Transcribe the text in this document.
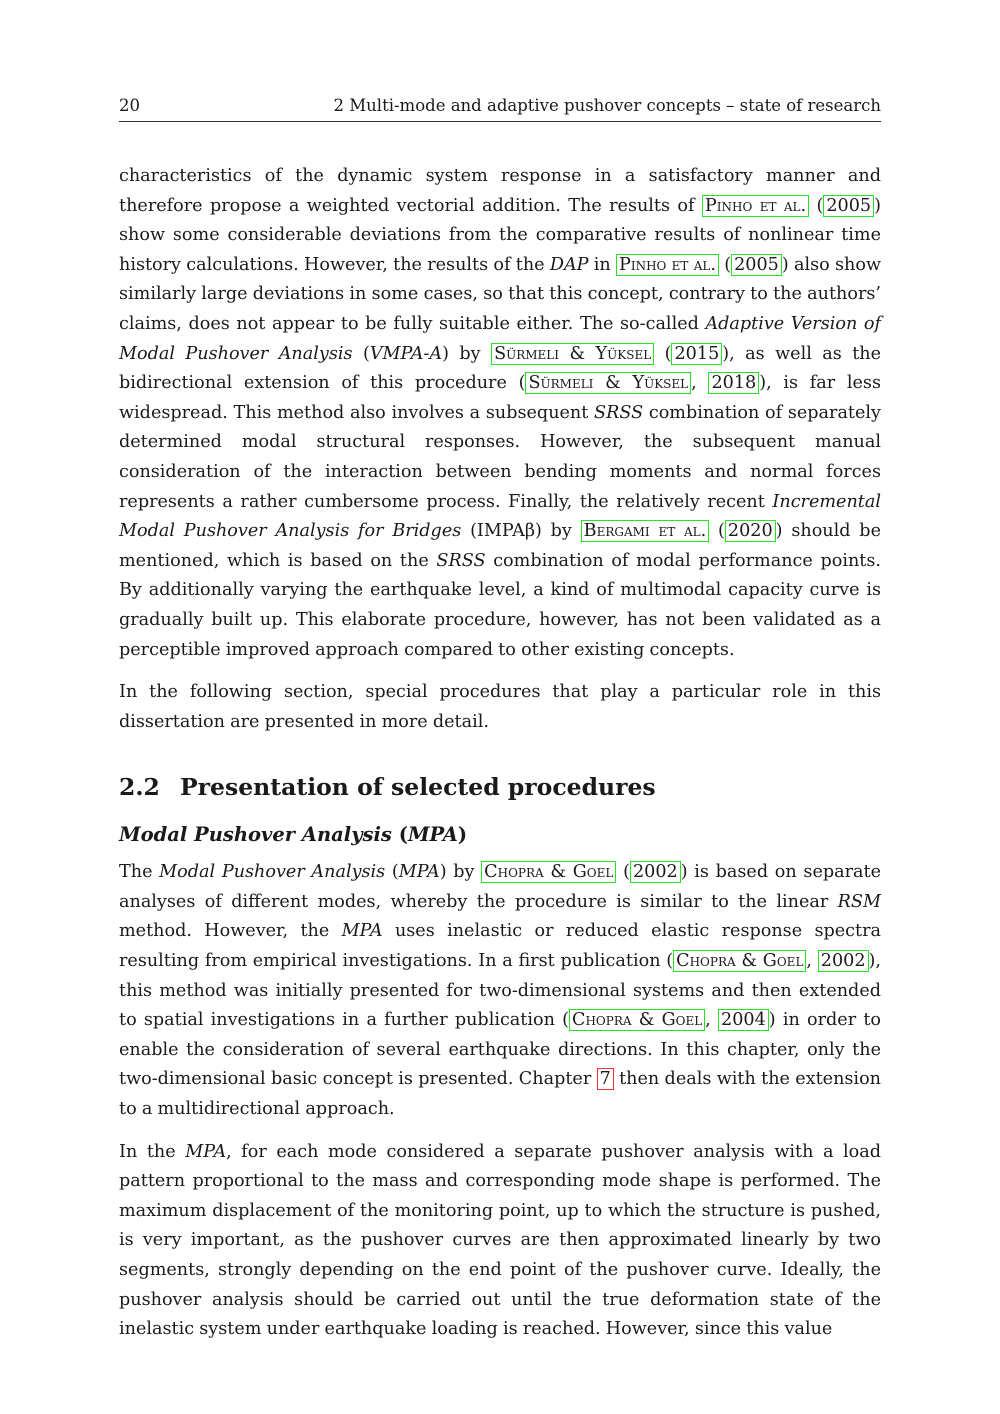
20	2 Multi-mode and adaptive pushover concepts – state of research

characteristics of the dynamic system response in a satisfactory manner and therefore propose a weighted vectorial addition. The results of Pinho et al. ( 2005 ) show some considerable deviations from the comparative results of nonlinear time history calculations. However, the results of the DAP in Pinho et al. ( 2005 ) also show similarly large deviations in some cases, so that this concept, contrary to the authors’ claims, does not appear to be fully suitable either. The so-called Adaptive Version of Modal Pushover Analysis (VMPA-A) by Sürmeli & Yüksel ( 2015 ), as well as the bidirectional extension of this procedure ( Sürmeli & Yüksel , 2018 ), is far less widespread. This method also involves a subsequent SRSS combination of separately determined modal structural responses. However, the subsequent manual consideration of the interaction between bending moments and normal forces represents a rather cumbersome process. Finally, the relatively recent Incremental Modal Pushover Analysis for Bridges (IMPAβ) by Bergami et al. ( 2020 ) should be mentioned, which is based on the SRSS combination of modal performance points. By additionally varying the earthquake level, a kind of multimodal capacity curve is gradually built up. This elaborate procedure, however, has not been validated as a perceptible improved approach compared to other existing concepts.

In the following section, special procedures that play a particular role in this dissertation are presented in more detail.

2.2 Presentation of selected procedures
Modal Pushover Analysis (MPA)

The Modal Pushover Analysis (MPA) by Chopra & Goel ( 2002 ) is based on separate analyses of different modes, whereby the procedure is similar to the linear RSM method. However, the MPA uses inelastic or reduced elastic response spectra resulting from empirical investigations. In a first publication ( Chopra & Goel , 2002 ), this method was initially presented for two-dimensional systems and then extended to spatial investigations in a further publication ( Chopra & Goel , 2004 ) in order to enable the consideration of several earthquake directions. In this chapter, only the two-dimensional basic concept is presented. Chapter 7 then deals with the extension to a multidirectional approach.

In the MPA, for each mode considered a separate pushover analysis with a load pattern proportional to the mass and corresponding mode shape is performed. The maximum displacement of the monitoring point, up to which the structure is pushed, is very important, as the pushover curves are then approximated linearly by two segments, strongly depending on the end point of the pushover curve. Ideally, the pushover analysis should be carried out until the true deformation state of the inelastic system under earthquake loading is reached. However, since this value
